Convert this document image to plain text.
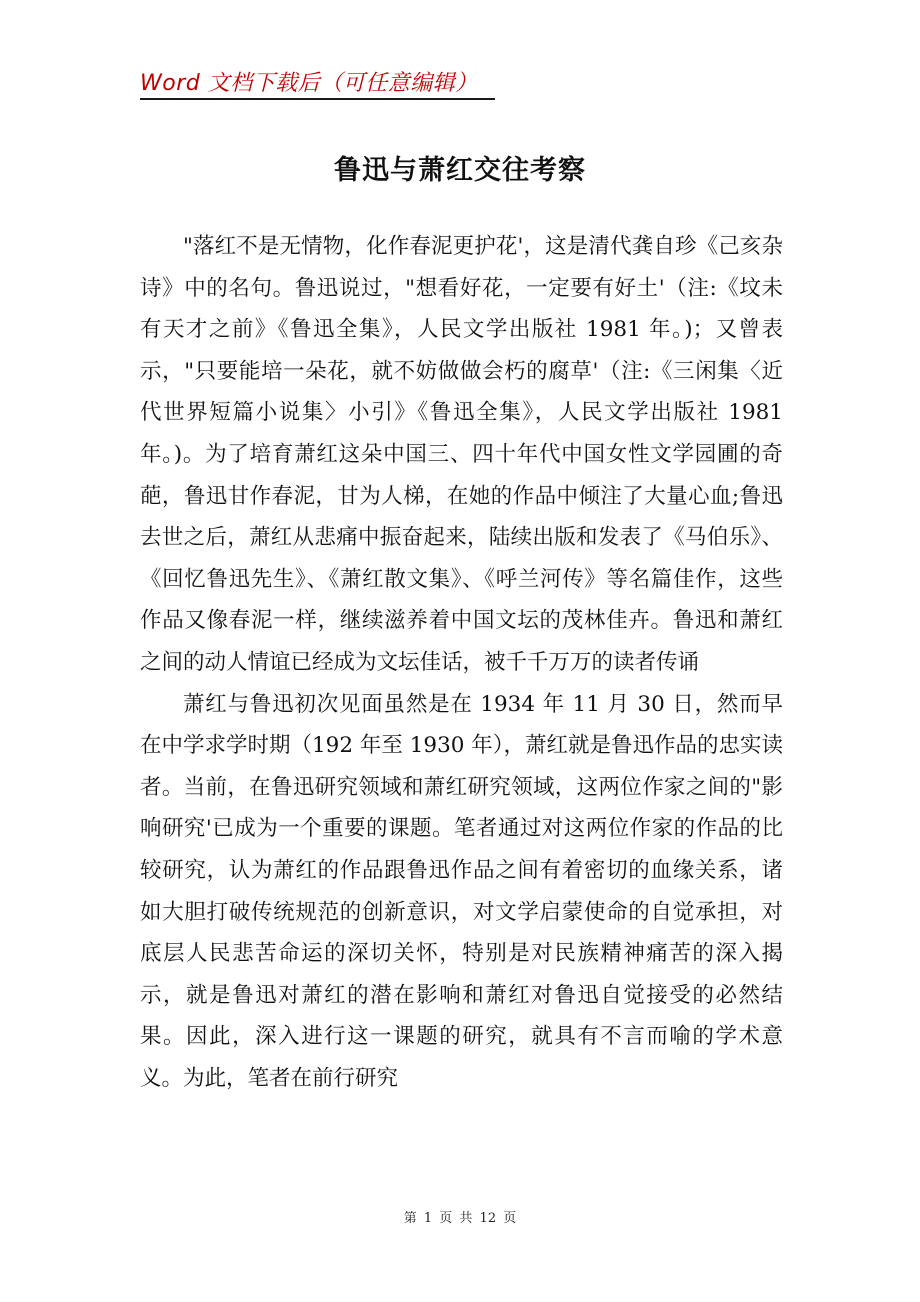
Word 文档下载后（可任意编辑）
鲁迅与萧红交往考察

"落红不是无情物，化作春泥更护花'，这是清代龚自珍《己亥杂诗》中的名句。鲁迅说过，"想看好花，一定要有好土'（注:《坟未有天才之前》《鲁迅全集》，人民文学出版社 1981 年。)；又曾表示，"只要能培一朵花，就不妨做做会朽的腐草'（注:《三闲集〈近代世界短篇小说集〉小引》《鲁迅全集》，人民文学出版社 1981 年。)。为了培育萧红这朵中国三、四十年代中国女性文学园圃的奇葩，鲁迅甘作春泥，甘为人梯，在她的作品中倾注了大量心血;鲁迅去世之后，萧红从悲痛中振奋起来，陆续出版和发表了《马伯乐》、《回忆鲁迅先生》、《萧红散文集》、《呼兰河传》等名篇佳作，这些作品又像春泥一样，继续滋养着中国文坛的茂林佳卉。鲁迅和萧红之间的动人情谊已经成为文坛佳话，被千千万万的读者传诵

萧红与鲁迅初次见面虽然是在 1934 年 11 月 30 日，然而早在中学求学时期（192 年至 1930 年），萧红就是鲁迅作品的忠实读者。当前，在鲁迅研究领域和萧红研究领域，这两位作家之间的"影响研究'已成为一个重要的课题。笔者通过对这两位作家的作品的比较研究，认为萧红的作品跟鲁迅作品之间有着密切的血缘关系，诸如大胆打破传统规范的创新意识，对文学启蒙使命的自觉承担，对底层人民悲苦命运的深切关怀，特别是对民族精神痛苦的深入揭示，就是鲁迅对萧红的潜在影响和萧红对鲁迅自觉接受的必然结果。因此，深入进行这一课题的研究，就具有不言而喻的学术意义。为此，笔者在前行研究

第 1 页 共 12 页
